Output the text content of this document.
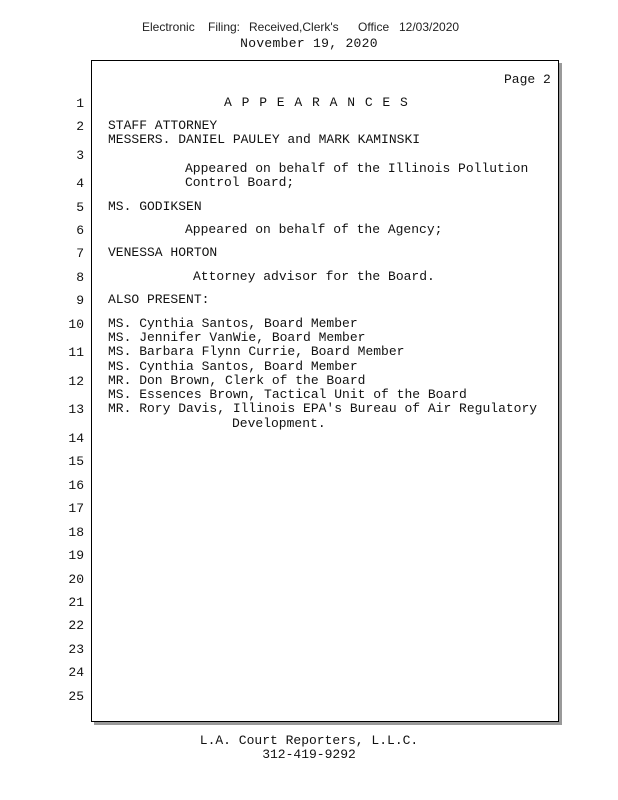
Electronic Filing: Received,Clerk's Office 12/03/2020
November 19, 2020
Page 2
1
2
3
4
5
6
7
8
9
10
11
12
13
14
15
16
17
18
19
20
21
22
23
24
25
A P P E A R A N C E S
STAFF ATTORNEY
MESSERS. DANIEL PAULEY and MARK KAMINSKI
Appeared on behalf of the Illinois Pollution
Control Board;
MS. GODIKSEN
Appeared on behalf of the Agency;
VENESSA HORTON
Attorney advisor for the Board.
ALSO PRESENT:
MS. Cynthia Santos, Board Member
MS. Jennifer VanWie, Board Member
MS. Barbara Flynn Currie, Board Member
MS. Cynthia Santos, Board Member
MR. Don Brown, Clerk of the Board
MS. Essences Brown, Tactical Unit of the Board
MR. Rory Davis, Illinois EPA's Bureau of Air Regulatory
Development.
L.A. Court Reporters, L.L.C.
312-419-9292
